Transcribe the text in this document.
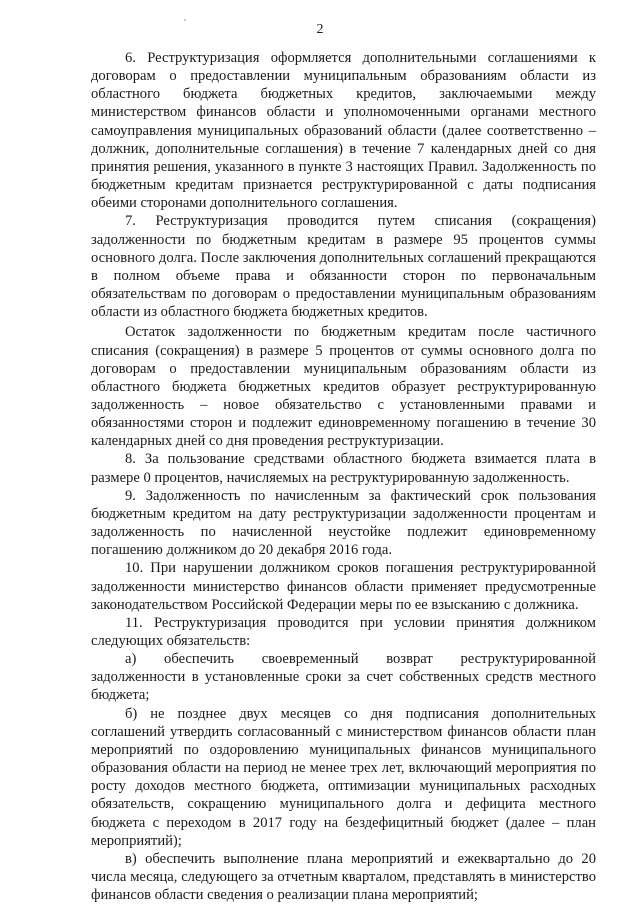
2

6. Реструктуризация оформляется дополнительными соглашениями к договорам о предоставлении муниципальным образованиям области из областного бюджета бюджетных кредитов, заключаемыми между министерством финансов области и уполномоченными органами местного самоуправления муниципальных образований области (далее соответственно – должник, дополнительные соглашения) в течение 7 календарных дней со дня принятия решения, указанного в пункте 3 настоящих Правил. Задолженность по бюджетным кредитам признается реструктурированной с даты подписания обеими сторонами дополнительного соглашения.

7. Реструктуризация проводится путем списания (сокращения) задолженности по бюджетным кредитам в размере 95 процентов суммы основного долга. После заключения дополнительных соглашений прекращаются в полном объеме права и обязанности сторон по первоначальным обязательствам по договорам о предоставлении муниципальным образованиям области из областного бюджета бюджетных кредитов.

Остаток задолженности по бюджетным кредитам после частичного списания (сокращения) в размере 5 процентов от суммы основного долга по договорам о предоставлении муниципальным образованиям области из областного бюджета бюджетных кредитов образует реструктурированную задолженность – новое обязательство с установленными правами и обязанностями сторон и подлежит единовременному погашению в течение 30 календарных дней со дня проведения реструктуризации.

8. За пользование средствами областного бюджета взимается плата в размере 0 процентов, начисляемых на реструктурированную задолженность.

9. Задолженность по начисленным за фактический срок пользования бюджетным кредитом на дату реструктуризации задолженности процентам и задолженность по начисленной неустойке подлежит единовременному погашению должником до 20 декабря 2016 года.

10. При нарушении должником сроков погашения реструктурированной задолженности министерство финансов области применяет предусмотренные законодательством Российской Федерации меры по ее взысканию с должника.

11. Реструктуризация проводится при условии принятия должником следующих обязательств:

а) обеспечить своевременный возврат реструктурированной задолженности в установленные сроки за счет собственных средств местного бюджета;

б) не позднее двух месяцев со дня подписания дополнительных соглашений утвердить согласованный с министерством финансов области план мероприятий по оздоровлению муниципальных финансов муниципального образования области на период не менее трех лет, включающий мероприятия по росту доходов местного бюджета, оптимизации муниципальных расходных обязательств, сокращению муниципального долга и дефицита местного бюджета с переходом в 2017 году на бездефицитный бюджет (далее – план мероприятий);

в) обеспечить выполнение плана мероприятий и ежеквартально до 20 числа месяца, следующего за отчетным кварталом, представлять в министерство финансов области сведения о реализации плана мероприятий;
